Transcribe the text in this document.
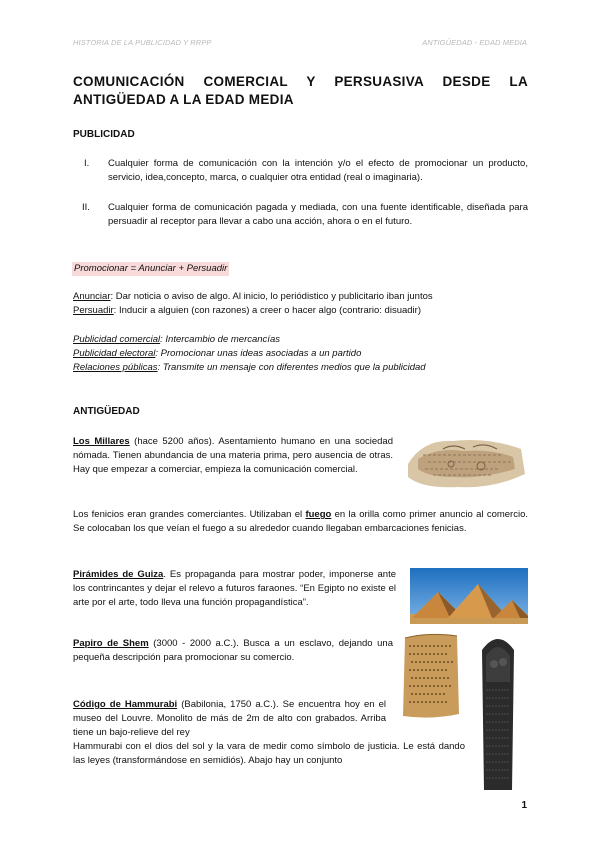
HISTORIA DE LA PUBLICIDAD Y RRPP	ANTIGÜEDAD - EDAD MEDIA
COMUNICACIÓN COMERCIAL Y PERSUASIVA DESDE LA
ANTIGÜEDAD A LA EDAD MEDIA
PUBLICIDAD
I. Cualquier forma de comunicación con la intención y/o el efecto de promocionar un producto, servicio, idea,concepto, marca, o cualquier otra entidad (real o imaginaria).
II. Cualquier forma de comunicación pagada y mediada, con una fuente identificable, diseñada para persuadir al receptor para llevar a cabo una acción, ahora o en el futuro.
Promocionar = Anunciar + Persuadir
Anunciar: Dar noticia o aviso de algo. Al inicio, lo periódistico y publicitario iban juntos
Persuadir: Inducir a alguien (con razones) a creer o hacer algo (contrario: disuadir)
Publicidad comercial: Intercambio de mercancías
Publicidad electoral: Promocionar unas ideas asociadas a un partido
Relaciones públicas: Transmite un mensaje con diferentes medios que la publicidad
ANTIGÜEDAD
Los Millares (hace 5200 años). Asentamiento humano en una sociedad nómada. Tienen abundancia de una materia prima, pero ausencia de otras. Hay que empezar a comerciar, empieza la comunicación comercial.
Los fenicios eran grandes comerciantes. Utilizaban el fuego en la orilla como primer anuncio al comercio. Se colocaban los que veían el fuego a su alrededor cuando llegaban embarcaciones fenicias.
Pirámides de Guiza. Es propaganda para mostrar poder, imponerse ante los contrincantes y dejar el relevo a futuros faraones. “En Egipto no existe el arte por el arte, todo lleva una función propagandística”.
Papiro de Shem (3000 - 2000 a.C.). Busca a un esclavo, dejando una pequeña descripción para promocionar su comercio.
Código de Hammurabi (Babilonia, 1750 a.C.). Se encuentra hoy en el museo del Louvre. Monolito de más de 2m de alto con grabados. Arriba tiene un bajo-relieve del rey
Hammurabi con el dios del sol y la vara de medir como símbolo de justicia. Le está dando las leyes (transformándose en semidiós). Abajo hay un conjunto
1
